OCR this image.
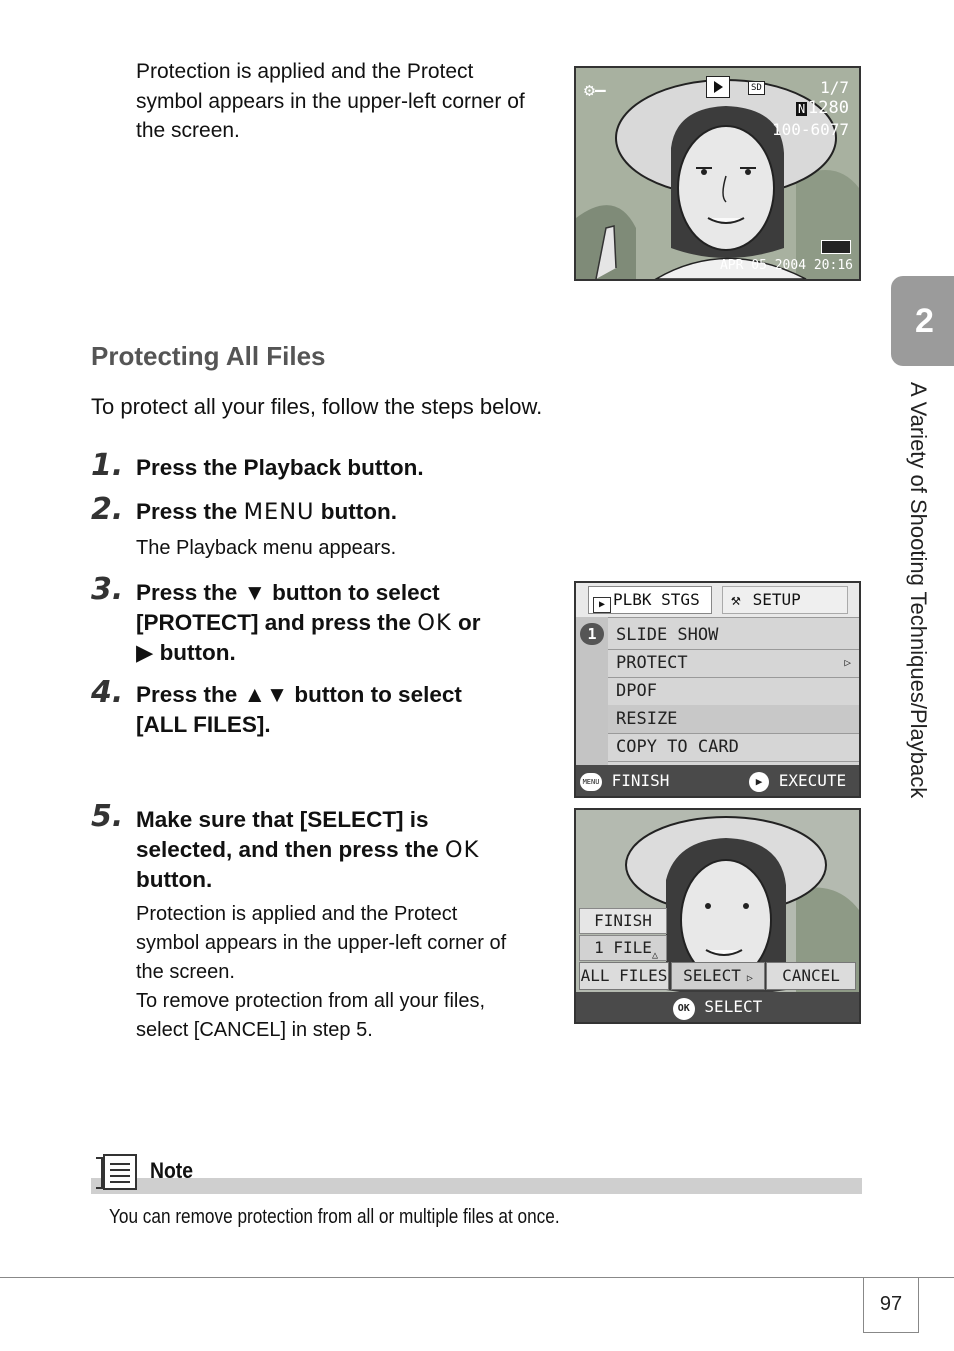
Protection is applied and the Protect
symbol appears in the upper-left corner of
the screen.
⚙—	SD	1/7
N 1280
100-6077
APR 05 2004 20:16
Protecting All Files
To protect all your files, follow the steps below.
1. Press the Playback button.
2. Press the MENU button.
The Playback menu appears.
3. Press the ▼ button to select
[PROTECT] and press the OK or
▶ button.
4. Press the ▲▼ button to select
[ALL FILES].
▶ PLBK STGS	⚒ SETUP
1	SLIDE SHOW
PROTECT	▷
DPOF
RESIZE
COPY TO CARD
MENU FINISH	▶ EXECUTE
5. Make sure that [SELECT] is
selected, and then press the OK
button.
Protection is applied and the Protect
symbol appears in the upper-left corner of
the screen.
To remove protection from all your files,
select [CANCEL] in step 5.
FINISH
1 FILE
ALL FILES
△
SELECT ▷	CANCEL
OK SELECT
2
A Variety of Shooting Techniques/Playback
Note
You can remove protection from all or multiple files at once.
97
